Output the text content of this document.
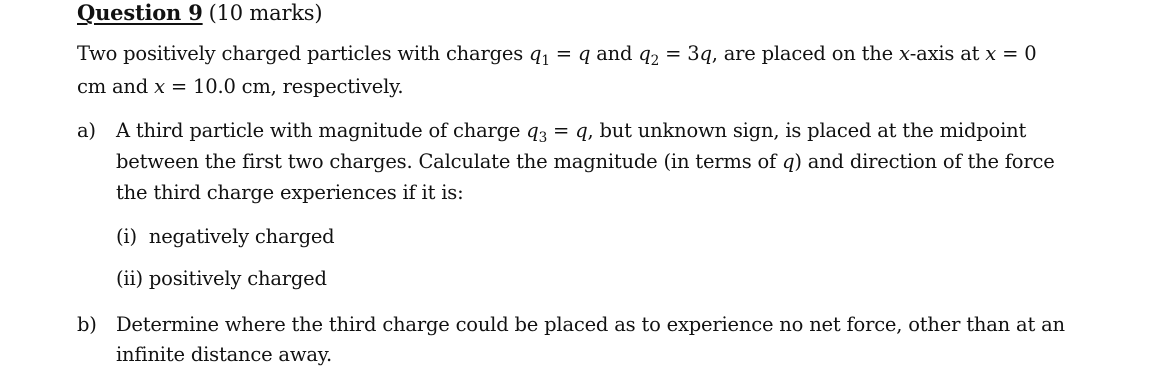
Question 9 (10 marks)
Two positively charged particles with charges $q_1 = q$ and $q_2 = 3q$, are placed on the x-axis at x = 0
cm and x = 10.0 cm, respectively.
a) A third particle with magnitude of charge $q_3 = q$, but unknown sign, is placed at the midpoint
between the first two charges. Calculate the magnitude (in terms of q) and direction of the force
the third charge experiences if it is:
(i)  negatively charged
(ii) positively charged
b) Determine where the third charge could be placed as to experience no net force, other than at an
infinite distance away.
